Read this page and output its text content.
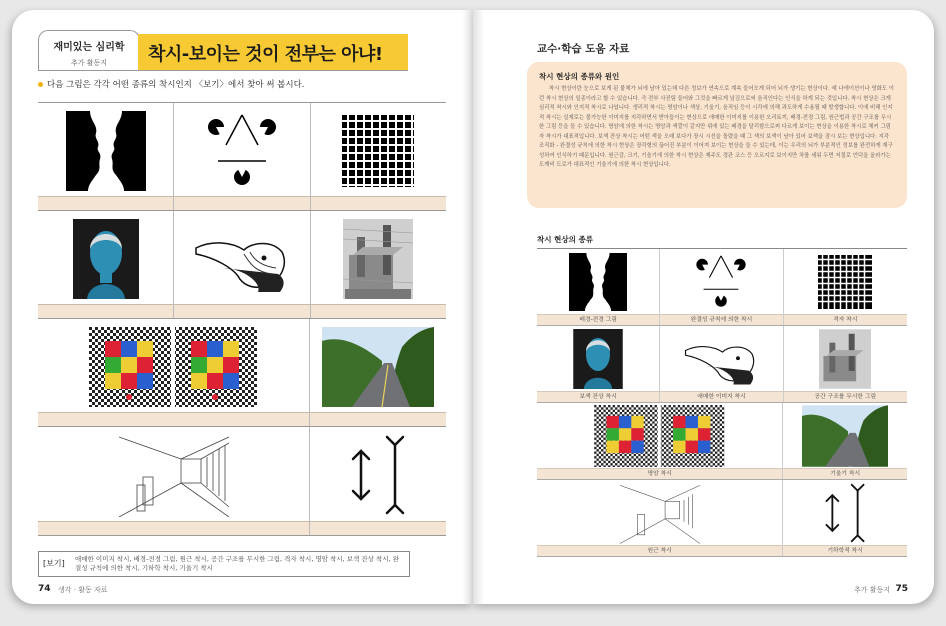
재미있는 심리학
추가 활동지	착시-보이는 것이 전부는 아냐!
다음 그림은 각각 어떤 종류의 착시인지 〈보기〉에서 찾아 써 봅시다.
[보기] 애매한 이미지 착시, 배경-전경 그림, 원근 착시, 공간 구조를 무시한 그림, 격자 착시, 명암 착시, 보색 잔상 착시, 완결성 규칙에 의한 착시, 기하학 착시, 기울기 착시
74 생각 · 활동 자료
교수·학습 도움 자료
착시 현상의 종류와 원인
착시 현상이란 눈으로 보게 된 물체가 뇌에 남아 있는데 다른 정보가 연속으로 계속 들어오게 되어 뇌가 생기는 현상이다. 예 나에이션이나 영화도 이런 착시 현상의 일종이라고 할 수 있습니다. 즉 전부 사진팀 들어와 그것을 빠르게 넘김으로써 움직인다는 인식을 하게 되는 것입니다. 착시 현상은 크게 심리적 착시와 인지적 착시로 나뉩니다. 생리적 착시는 명암이나 색상, 기울기, 움직임 등이 시각에 의해 과도하게 수용될 때 발생합니다. 이에 비해 인지적 착시는 실제로는 불가능한 이미지를 지각하면서 받아들이는 현상으로 애매한 이미지를 이용한 오리토끼, 배경-전경 그림, 원근법과 공간 구조를 무시한 그림 등을 들 수 있습니다. 명암에 의한 착시는 명암과 색깔이 같지만 위에 있는 배경을 달리함으로써 다르게 보이는 현상을 이용한 착시로 체커 그림자 착시가 대표적입니다. 보색 잔상 착시는 어떤 색을 오래 보다가 장시 시선을 돌렸을 때 그 색의 보색이 남아 있어 보색을 잠시 보는 현상입니다. 지각 조직화 - 완결성 규칙에 의한 착시 현상은 장각형의 끊어진 부분이 이어져 보이는 현상을 들 수 있는데, 이는 우리의 뇌가 부분적인 정보를 완전하게 재구성하여 인식하기 때문입니다. 원근감, 크기, 기울기에 의한 착시 현상은 제주도 경관 코스 등 오르지로 보이지만 차를 세워 두면 저절로 언덕을 올라가는 도깨비 도로가 대표적인 기울기에 의한 착시 현상입니다.
착시 현상의 종류
배경-전경 그림	완결성 규칙에 의한 착시	격자 착시
보색 잔상 착시	애매한 이미지 착시	공간 구조를 무시한 그림
명암 착시	기울기 착시
원근 착시	기하학적 착시
추가 활동지 75
